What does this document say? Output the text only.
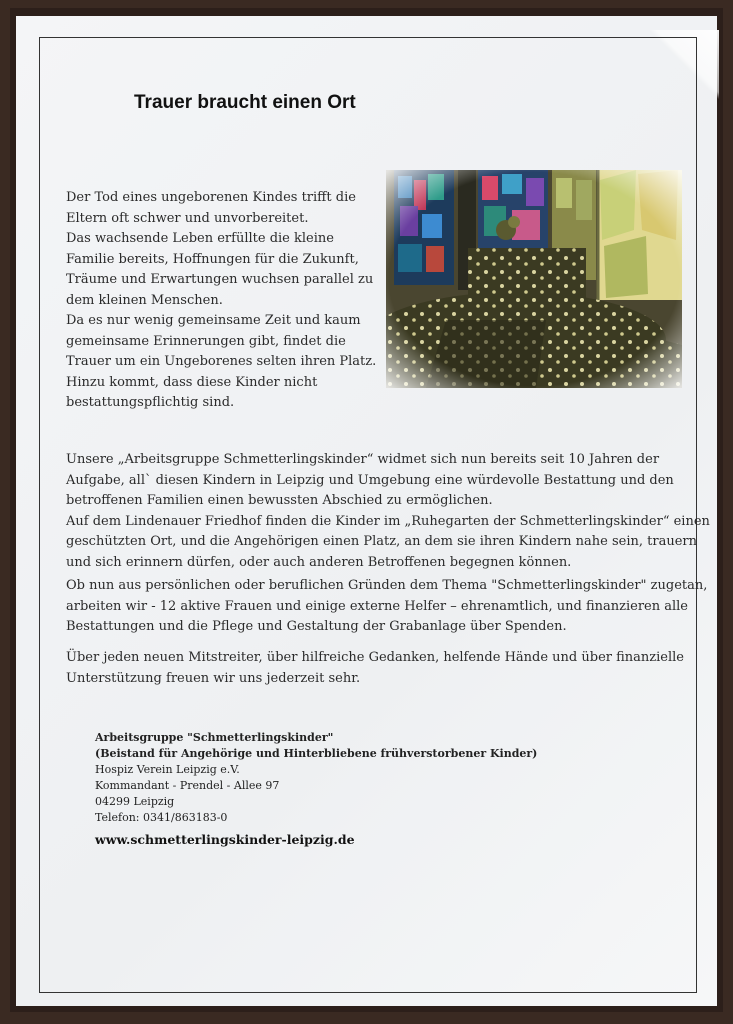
Trauer braucht einen Ort
Der Tod eines ungeborenen Kindes trifft die
Eltern oft schwer und unvorbereitet.
Das wachsende Leben erfüllte die kleine
Familie bereits, Hoffnungen für die Zukunft,
Träume und Erwartungen wuchsen parallel zu
dem kleinen Menschen.
Da es nur wenig gemeinsame Zeit und kaum
gemeinsame Erinnerungen gibt, findet die
Trauer um ein Ungeborenes selten ihren Platz.
Hinzu kommt, dass diese Kinder nicht
bestattungspflichtig sind.
Unsere „Arbeitsgruppe Schmetterlingskinder“ widmet sich nun bereits seit 10 Jahren der
Aufgabe, all` diesen Kindern in Leipzig und Umgebung eine würdevolle Bestattung und den
betroffenen Familien einen bewussten Abschied zu ermöglichen.
Auf dem Lindenauer Friedhof finden die Kinder im „Ruhegarten der Schmetterlingskinder“ einen
geschützten Ort, und die Angehörigen einen Platz, an dem sie ihren Kindern nahe sein, trauern
und sich erinnern dürfen, oder auch anderen Betroffenen begegnen können.
Ob nun aus persönlichen oder beruflichen Gründen dem Thema "Schmetterlingskinder" zugetan,
arbeiten wir - 12 aktive Frauen und einige externe Helfer – ehrenamtlich, und finanzieren alle
Bestattungen und die Pflege und Gestaltung der Grabanlage über Spenden.
Über jeden neuen Mitstreiter, über hilfreiche Gedanken, helfende Hände und über finanzielle
Unterstützung freuen wir uns jederzeit sehr.
Arbeitsgruppe "Schmetterlingskinder"
(Beistand für Angehörige und Hinterbliebene frühverstorbener Kinder)
Hospiz Verein Leipzig e.V.
Kommandant - Prendel - Allee 97
04299 Leipzig
Telefon: 0341/863183-0
www.schmetterlingskinder-leipzig.de
